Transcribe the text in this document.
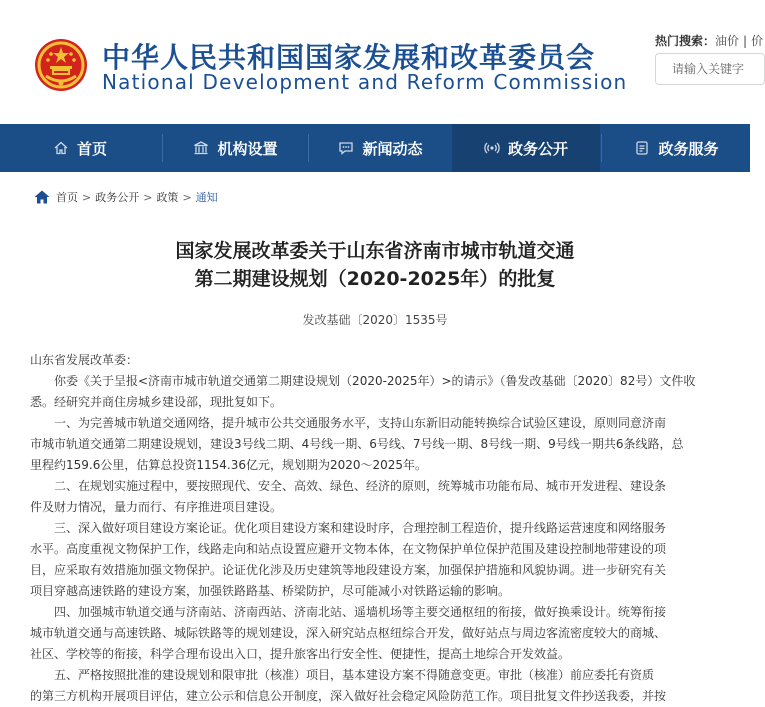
中华人民共和国国家发展和改革委员会
National Development and Reform Commission
热门搜索：油价 | 价
请输入关键字
首页	机构设置	新闻动态	政务公开	政务服务
首页 > 政务公开 > 政策 > 通知
国家发展改革委关于山东省济南市城市轨道交通
第二期建设规划（2020-2025年）的批复
发改基础〔2020〕1535号

山东省发展改革委：

你委《关于呈报<济南市城市轨道交通第二期建设规划（2020-2025年）>的请示》（鲁发改基础〔2020〕82号）文件收

悉。经研究并商住房城乡建设部，现批复如下。

一、为完善城市轨道交通网络，提升城市公共交通服务水平，支持山东新旧动能转换综合试验区建设，原则同意济南

市城市轨道交通第二期建设规划，建设3号线二期、4号线一期、6号线、7号线一期、8号线一期、9号线一期共6条线路，总

里程约159.6公里，估算总投资1154.36亿元，规划期为2020～2025年。

二、在规划实施过程中，要按照现代、安全、高效、绿色、经济的原则，统筹城市功能布局、城市开发进程、建设条

件及财力情况，量力而行、有序推进项目建设。

三、深入做好项目建设方案论证。优化项目建设方案和建设时序，合理控制工程造价，提升线路运营速度和网络服务

水平。高度重视文物保护工作，线路走向和站点设置应避开文物本体，在文物保护单位保护范围及建设控制地带建设的项

目，应采取有效措施加强文物保护。论证优化涉及历史建筑等地段建设方案，加强保护措施和风貌协调。进一步研究有关

项目穿越高速铁路的建设方案，加强铁路路基、桥梁防护，尽可能减小对铁路运输的影响。

四、加强城市轨道交通与济南站、济南西站、济南北站、遥墙机场等主要交通枢纽的衔接，做好换乘设计。统筹衔接

城市轨道交通与高速铁路、城际铁路等的规划建设，深入研究站点枢纽综合开发，做好站点与周边客流密度较大的商城、

社区、学校等的衔接，科学合理布设出入口，提升旅客出行安全性、便捷性，提高土地综合开发效益。

五、严格按照批准的建设规划和限审批（核准）项目，基本建设方案不得随意变更。审批（核准）前应委托有资质

的第三方机构开展项目评估，建立公示和信息公开制度，深入做好社会稳定风险防范工作。项目批复文件抄送我委，并按
